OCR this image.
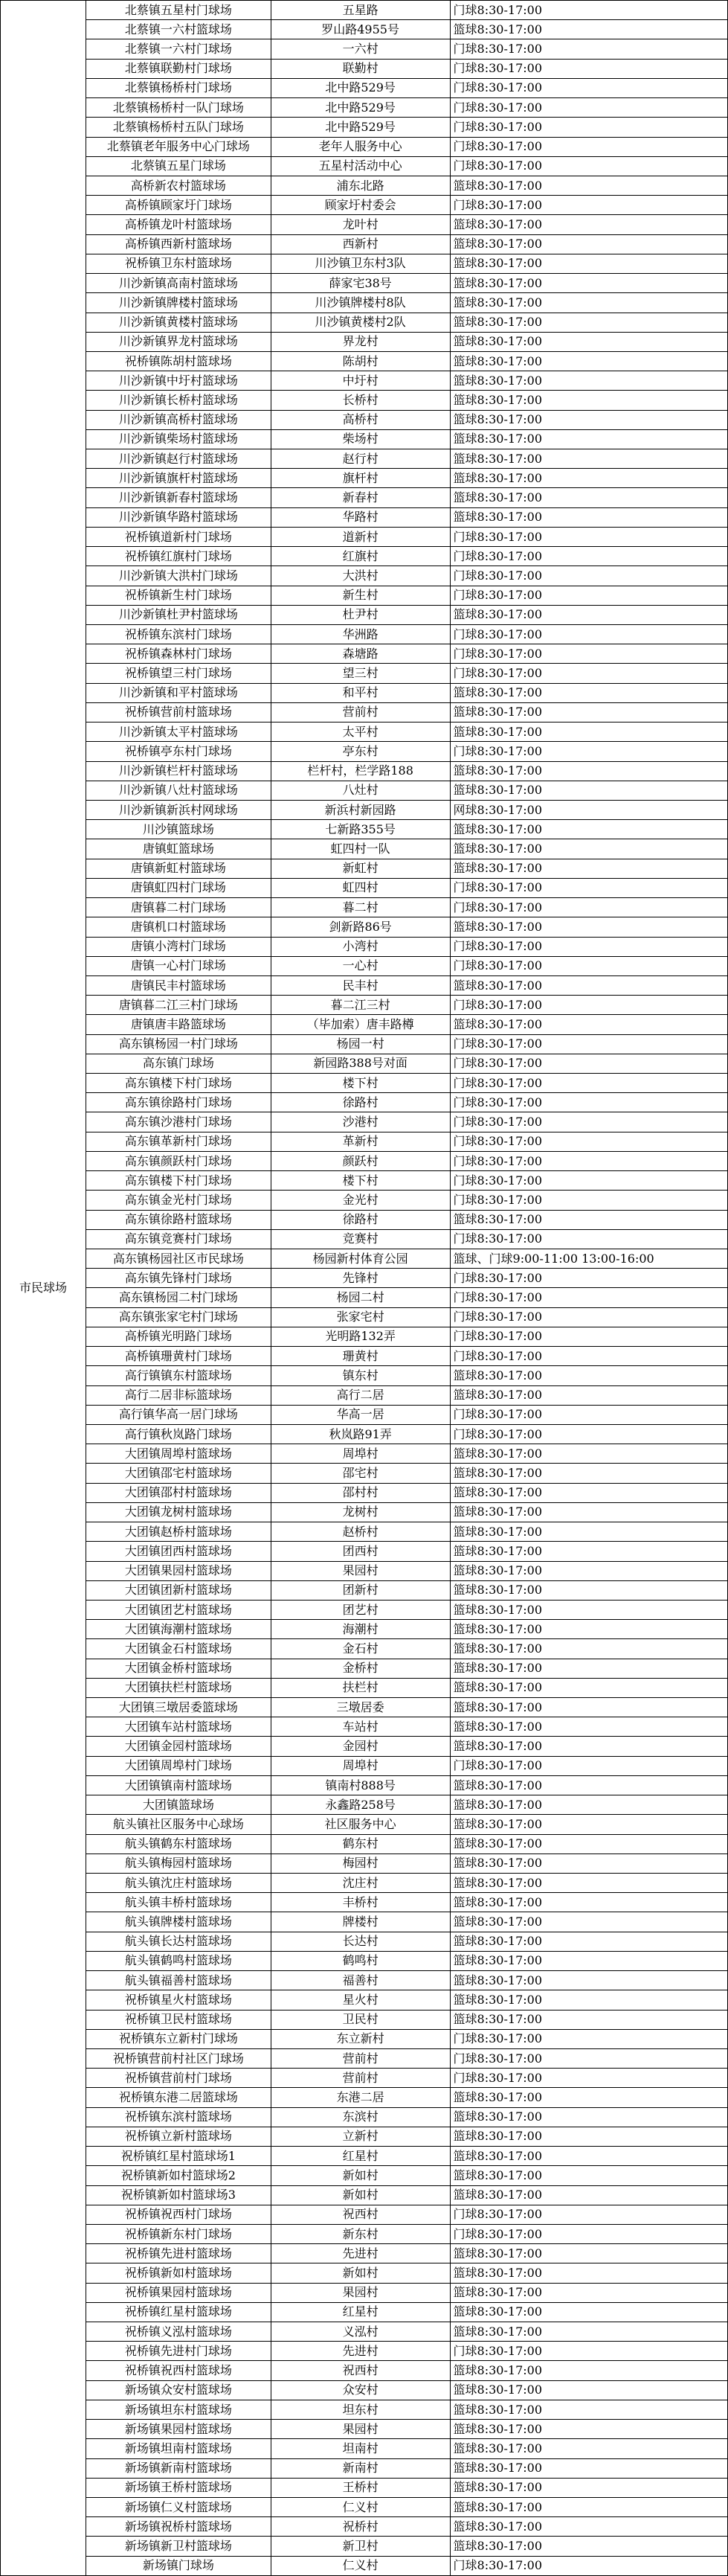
市民球场	北蔡镇五星村门球场	五星路	门球8:30-17:00
	北蔡镇一六村篮球场	罗山路4955号	篮球8:30-17:00
	北蔡镇一六村门球场	一六村	门球8:30-17:00
	北蔡镇联勤村门球场	联勤村	门球8:30-17:00
	北蔡镇杨桥村门球场	北中路529号	门球8:30-17:00
	北蔡镇杨桥村一队门球场	北中路529号	门球8:30-17:00
	北蔡镇杨桥村五队门球场	北中路529号	门球8:30-17:00
	北蔡镇老年服务中心门球场	老年人服务中心	门球8:30-17:00
	北蔡镇五星门球场	五星村活动中心	门球8:30-17:00
	高桥新农村篮球场	浦东北路	篮球8:30-17:00
	高桥镇顾家圩门球场	顾家圩村委会	门球8:30-17:00
	高桥镇龙叶村篮球场	龙叶村	篮球8:30-17:00
	高桥镇西新村篮球场	西新村	篮球8:30-17:00
	祝桥镇卫东村篮球场	川沙镇卫东村3队	篮球8:30-17:00
	川沙新镇高南村篮球场	薛家宅38号	篮球8:30-17:00
	川沙新镇牌楼村篮球场	川沙镇牌楼村8队	篮球8:30-17:00
	川沙新镇黄楼村篮球场	川沙镇黄楼村2队	篮球8:30-17:00
	川沙新镇界龙村篮球场	界龙村	篮球8:30-17:00
	祝桥镇陈胡村篮球场	陈胡村	篮球8:30-17:00
	川沙新镇中圩村篮球场	中圩村	篮球8:30-17:00
	川沙新镇长桥村篮球场	长桥村	篮球8:30-17:00
	川沙新镇高桥村篮球场	高桥村	篮球8:30-17:00
	川沙新镇柴场村篮球场	柴场村	篮球8:30-17:00
	川沙新镇赵行村篮球场	赵行村	篮球8:30-17:00
	川沙新镇旗杆村篮球场	旗杆村	篮球8:30-17:00
	川沙新镇新春村篮球场	新春村	篮球8:30-17:00
	川沙新镇华路村篮球场	华路村	篮球8:30-17:00
	祝桥镇道新村门球场	道新村	门球8:30-17:00
	祝桥镇红旗村门球场	红旗村	门球8:30-17:00
	川沙新镇大洪村门球场	大洪村	门球8:30-17:00
	祝桥镇新生村门球场	新生村	门球8:30-17:00
	川沙新镇杜尹村篮球场	杜尹村	篮球8:30-17:00
	祝桥镇东滨村门球场	华洲路	门球8:30-17:00
	祝桥镇森林村门球场	森塘路	门球8:30-17:00
	祝桥镇望三村门球场	望三村	门球8:30-17:00
	川沙新镇和平村篮球场	和平村	篮球8:30-17:00
	祝桥镇营前村篮球场	营前村	篮球8:30-17:00
	川沙新镇太平村篮球场	太平村	篮球8:30-17:00
	祝桥镇亭东村门球场	亭东村	门球8:30-17:00
	川沙新镇栏杆村篮球场	栏杆村，栏学路188	篮球8:30-17:00
	川沙新镇八灶村篮球场	八灶村	篮球8:30-17:00
	川沙新镇新浜村网球场	新浜村新园路	网球8:30-17:00
	川沙镇篮球场	七新路355号	篮球8:30-17:00
	唐镇虹篮球场	虹四村一队	篮球8:30-17:00
	唐镇新虹村篮球场	新虹村	篮球8:30-17:00
	唐镇虹四村门球场	虹四村	门球8:30-17:00
	唐镇暮二村门球场	暮二村	门球8:30-17:00
	唐镇机口村篮球场	剑新路86号	篮球8:30-17:00
	唐镇小湾村门球场	小湾村	门球8:30-17:00
	唐镇一心村门球场	一心村	门球8:30-17:00
	唐镇民丰村篮球场	民丰村	篮球8:30-17:00
	唐镇暮二江三村门球场	暮二江三村	门球8:30-17:00
	唐镇唐丰路篮球场	（毕加索）唐丰路樽	篮球8:30-17:00
	高东镇杨园一村门球场	杨园一村	门球8:30-17:00
	高东镇门球场	新园路388号对面	门球8:30-17:00
	高东镇楼下村门球场	楼下村	门球8:30-17:00
	高东镇徐路村门球场	徐路村	门球8:30-17:00
	高东镇沙港村门球场	沙港村	门球8:30-17:00
	高东镇革新村门球场	革新村	门球8:30-17:00
	高东镇颜跃村门球场	颜跃村	门球8:30-17:00
	高东镇楼下村门球场	楼下村	门球8:30-17:00
	高东镇金光村门球场	金光村	门球8:30-17:00
	高东镇徐路村篮球场	徐路村	篮球8:30-17:00
	高东镇竞赛村门球场	竞赛村	门球8:30-17:00
	高东镇杨园社区市民球场	杨园新村体育公园	篮球、门球9:00-11:00 13:00-16:00
	高东镇先锋村门球场	先锋村	门球8:30-17:00
	高东镇杨园二村门球场	杨园二村	门球8:30-17:00
	高东镇张家宅村门球场	张家宅村	门球8:30-17:00
	高桥镇光明路门球场	光明路132弄	门球8:30-17:00
	高桥镇珊黄村门球场	珊黄村	门球8:30-17:00
	高行镇镇东村篮球场	镇东村	篮球8:30-17:00
	高行二居非标篮球场	高行二居	篮球8:30-17:00
	高行镇华高一居门球场	华高一居	门球8:30-17:00
	高行镇秋岚路门球场	秋岚路91弄	门球8:30-17:00
	大团镇周埠村篮球场	周埠村	篮球8:30-17:00
	大团镇邵宅村篮球场	邵宅村	篮球8:30-17:00
	大团镇邵村村篮球场	邵村村	篮球8:30-17:00
	大团镇龙树村篮球场	龙树村	篮球8:30-17:00
	大团镇赵桥村篮球场	赵桥村	篮球8:30-17:00
	大团镇团西村篮球场	团西村	篮球8:30-17:00
	大团镇果园村篮球场	果园村	篮球8:30-17:00
	大团镇团新村篮球场	团新村	篮球8:30-17:00
	大团镇团艺村篮球场	团艺村	篮球8:30-17:00
	大团镇海潮村篮球场	海潮村	篮球8:30-17:00
	大团镇金石村篮球场	金石村	篮球8:30-17:00
	大团镇金桥村篮球场	金桥村	篮球8:30-17:00
	大团镇扶栏村篮球场	扶栏村	篮球8:30-17:00
	大团镇三墩居委篮球场	三墩居委	篮球8:30-17:00
	大团镇车站村篮球场	车站村	篮球8:30-17:00
	大团镇金园村篮球场	金园村	篮球8:30-17:00
	大团镇周埠村门球场	周埠村	门球8:30-17:00
	大团镇镇南村篮球场	镇南村888号	篮球8:30-17:00
	大团镇篮球场	永鑫路258号	篮球8:30-17:00
	航头镇社区服务中心球场	社区服务中心	篮球8:30-17:00
	航头镇鹤东村篮球场	鹤东村	篮球8:30-17:00
	航头镇梅园村篮球场	梅园村	篮球8:30-17:00
	航头镇沈庄村篮球场	沈庄村	篮球8:30-17:00
	航头镇丰桥村篮球场	丰桥村	篮球8:30-17:00
	航头镇牌楼村篮球场	牌楼村	篮球8:30-17:00
	航头镇长达村篮球场	长达村	篮球8:30-17:00
	航头镇鹤鸣村篮球场	鹤鸣村	篮球8:30-17:00
	航头镇福善村篮球场	福善村	篮球8:30-17:00
	祝桥镇星火村篮球场	星火村	篮球8:30-17:00
	祝桥镇卫民村篮球场	卫民村	篮球8:30-17:00
	祝桥镇东立新村门球场	东立新村	门球8:30-17:00
	祝桥镇营前村社区门球场	营前村	门球8:30-17:00
	祝桥镇营前村门球场	营前村	门球8:30-17:00
	祝桥镇东港二居篮球场	东港二居	篮球8:30-17:00
	祝桥镇东滨村篮球场	东滨村	篮球8:30-17:00
	祝桥镇立新村篮球场	立新村	篮球8:30-17:00
	祝桥镇红星村篮球场1	红星村	篮球8:30-17:00
	祝桥镇新如村篮球场2	新如村	篮球8:30-17:00
	祝桥镇新如村篮球场3	新如村	篮球8:30-17:00
	祝桥镇祝西村门球场	祝西村	门球8:30-17:00
	祝桥镇新东村门球场	新东村	门球8:30-17:00
	祝桥镇先进村篮球场	先进村	篮球8:30-17:00
	祝桥镇新如村篮球场	新如村	篮球8:30-17:00
	祝桥镇果园村篮球场	果园村	篮球8:30-17:00
	祝桥镇红星村篮球场	红星村	篮球8:30-17:00
	祝桥镇义泓村篮球场	义泓村	篮球8:30-17:00
	祝桥镇先进村门球场	先进村	门球8:30-17:00
	祝桥镇祝西村篮球场	祝西村	篮球8:30-17:00
	新场镇众安村篮球场	众安村	篮球8:30-17:00
	新场镇坦东村篮球场	坦东村	篮球8:30-17:00
	新场镇果园村篮球场	果园村	篮球8:30-17:00
	新场镇坦南村篮球场	坦南村	篮球8:30-17:00
	新场镇新南村篮球场	新南村	篮球8:30-17:00
	新场镇王桥村篮球场	王桥村	篮球8:30-17:00
	新场镇仁义村篮球场	仁义村	篮球8:30-17:00
	新场镇祝桥村篮球场	祝桥村	篮球8:30-17:00
	新场镇新卫村篮球场	新卫村	篮球8:30-17:00
	新场镇门球场	仁义村	门球8:30-17:00
